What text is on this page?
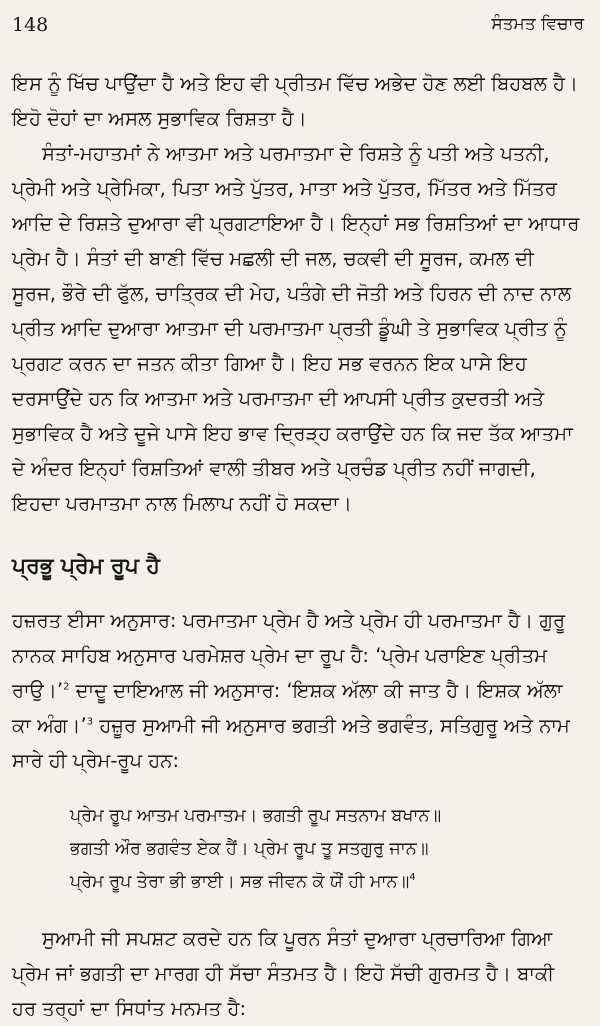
148	ਸੰਤਮਤ ਵਿਚਾਰ

ਇਸ ਨੂੰ ਖਿੱਚ ਪਾਉਂਦਾ ਹੈ ਅਤੇ ਇਹ ਵੀ ਪ੍ਰੀਤਮ ਵਿੱਚ ਅਭੇਦ ਹੋਣ ਲਈ ਬਿਹਬਲ ਹੈ। ਇਹੋ ਦੋਹਾਂ ਦਾ ਅਸਲ ਸੁਭਾਵਿਕ ਰਿਸ਼ਤਾ ਹੈ।

ਸੰਤਾਂ-ਮਹਾਤਮਾਂ ਨੇ ਆਤਮਾ ਅਤੇ ਪਰਮਾਤਮਾ ਦੇ ਰਿਸ਼ਤੇ ਨੂੰ ਪਤੀ ਅਤੇ ਪਤਨੀ, ਪ੍ਰੇਮੀ ਅਤੇ ਪ੍ਰੇਮਿਕਾ, ਪਿਤਾ ਅਤੇ ਪੁੱਤਰ, ਮਾਤਾ ਅਤੇ ਪੁੱਤਰ, ਮਿੱਤਰ ਅਤੇ ਮਿੱਤਰ ਆਦਿ ਦੇ ਰਿਸ਼ਤੇ ਦੁਆਰਾ ਵੀ ਪ੍ਰਗਟਾਇਆ ਹੈ। ਇਨ੍ਹਾਂ ਸਭ ਰਿਸ਼ਤਿਆਂ ਦਾ ਆਧਾਰ ਪ੍ਰੇਮ ਹੈ। ਸੰਤਾਂ ਦੀ ਬਾਣੀ ਵਿੱਚ ਮਛਲੀ ਦੀ ਜਲ, ਚਕਵੀ ਦੀ ਸੂਰਜ, ਕਮਲ ਦੀ ਸੂਰਜ, ਭੌਰੇ ਦੀ ਫੁੱਲ, ਚਾਤ੍ਰਿਕ ਦੀ ਮੇਹ, ਪਤੰਗੇ ਦੀ ਜੋਤੀ ਅਤੇ ਹਿਰਨ ਦੀ ਨਾਦ ਨਾਲ ਪ੍ਰੀਤ ਆਦਿ ਦੁਆਰਾ ਆਤਮਾ ਦੀ ਪਰਮਾਤਮਾ ਪ੍ਰਤੀ ਡੂੰਘੀ ਤੇ ਸੁਭਾਵਿਕ ਪ੍ਰੀਤ ਨੂੰ ਪ੍ਰਗਟ ਕਰਨ ਦਾ ਜਤਨ ਕੀਤਾ ਗਿਆ ਹੈ। ਇਹ ਸਭ ਵਰਨਨ ਇਕ ਪਾਸੇ ਇਹ ਦਰਸਾਉਂਦੇ ਹਨ ਕਿ ਆਤਮਾ ਅਤੇ ਪਰਮਾਤਮਾ ਦੀ ਆਪਸੀ ਪ੍ਰੀਤ ਕੁਦਰਤੀ ਅਤੇ ਸੁਭਾਵਿਕ ਹੈ ਅਤੇ ਦੂਜੇ ਪਾਸੇ ਇਹ ਭਾਵ ਦ੍ਰਿੜ੍ਹ ਕਰਾਉਂਦੇ ਹਨ ਕਿ ਜਦ ਤੱਕ ਆਤਮਾ ਦੇ ਅੰਦਰ ਇਨ੍ਹਾਂ ਰਿਸ਼ਤਿਆਂ ਵਾਲੀ ਤੀਬਰ ਅਤੇ ਪ੍ਰਚੰਡ ਪ੍ਰੀਤ ਨਹੀਂ ਜਾਗਦੀ, ਇਹਦਾ ਪਰਮਾਤਮਾ ਨਾਲ ਮਿਲਾਪ ਨਹੀਂ ਹੋ ਸਕਦਾ।

ਪ੍ਰਭੂ ਪ੍ਰੇਮ ਰੂਪ ਹੈ

ਹਜ਼ਰਤ ਈਸਾ ਅਨੁਸਾਰ: ਪਰਮਾਤਮਾ ਪ੍ਰੇਮ ਹੈ ਅਤੇ ਪ੍ਰੇਮ ਹੀ ਪਰਮਾਤਮਾ ਹੈ। ਗੁਰੂ ਨਾਨਕ ਸਾਹਿਬ ਅਨੁਸਾਰ ਪਰਮੇਸ਼ਰ ਪ੍ਰੇਮ ਦਾ ਰੂਪ ਹੈ: ‘ਪ੍ਰੇਮ ਪਰਾਇਣ ਪ੍ਰੀਤਮ ਰਾਉ।’$^2$ ਦਾਦੂ ਦਾਇਆਲ ਜੀ ਅਨੁਸਾਰ: ‘ਇਸ਼ਕ ਅੱਲਾ ਕੀ ਜਾਤ ਹੈ। ਇਸ਼ਕ ਅੱਲਾ ਕਾ ਅੰਗ।’$^3$ ਹਜ਼ੂਰ ਸੁਆਮੀ ਜੀ ਅਨੁਸਾਰ ਭਗਤੀ ਅਤੇ ਭਗਵੰਤ, ਸਤਿਗੁਰੂ ਅਤੇ ਨਾਮ ਸਾਰੇ ਹੀ ਪ੍ਰੇਮ-ਰੂਪ ਹਨ:

ਪ੍ਰੇਮ ਰੂਪ ਆਤਮ ਪਰਮਾਤਮ। ਭਗਤੀ ਰੂਪ ਸਤਨਾਮ ਬਖਾਨ॥
ਭਗਤੀ ਔਰ ਭਗਵੰਤ ਏਕ ਹੈਂ। ਪ੍ਰੇਮ ਰੂਪ ਤੂ ਸਤਗੁਰੁ ਜਾਨ॥
ਪ੍ਰੇਮ ਰੂਪ ਤੇਰਾ ਭੀ ਭਾਈ। ਸਭ ਜੀਵਨ ਕੋ ਯੌਂ ਹੀ ਮਾਨ॥$^4$

ਸੁਆਮੀ ਜੀ ਸਪਸ਼ਟ ਕਰਦੇ ਹਨ ਕਿ ਪੂਰਨ ਸੰਤਾਂ ਦੁਆਰਾ ਪ੍ਰਚਾਰਿਆ ਗਿਆ ਪ੍ਰੇਮ ਜਾਂ ਭਗਤੀ ਦਾ ਮਾਰਗ ਹੀ ਸੱਚਾ ਸੰਤਮਤ ਹੈ। ਇਹੋ ਸੱਚੀ ਗੁਰਮਤ ਹੈ। ਬਾਕੀ ਹਰ ਤਰ੍ਹਾਂ ਦਾ ਸਿਧਾਂਤ ਮਨਮਤ ਹੈ:
